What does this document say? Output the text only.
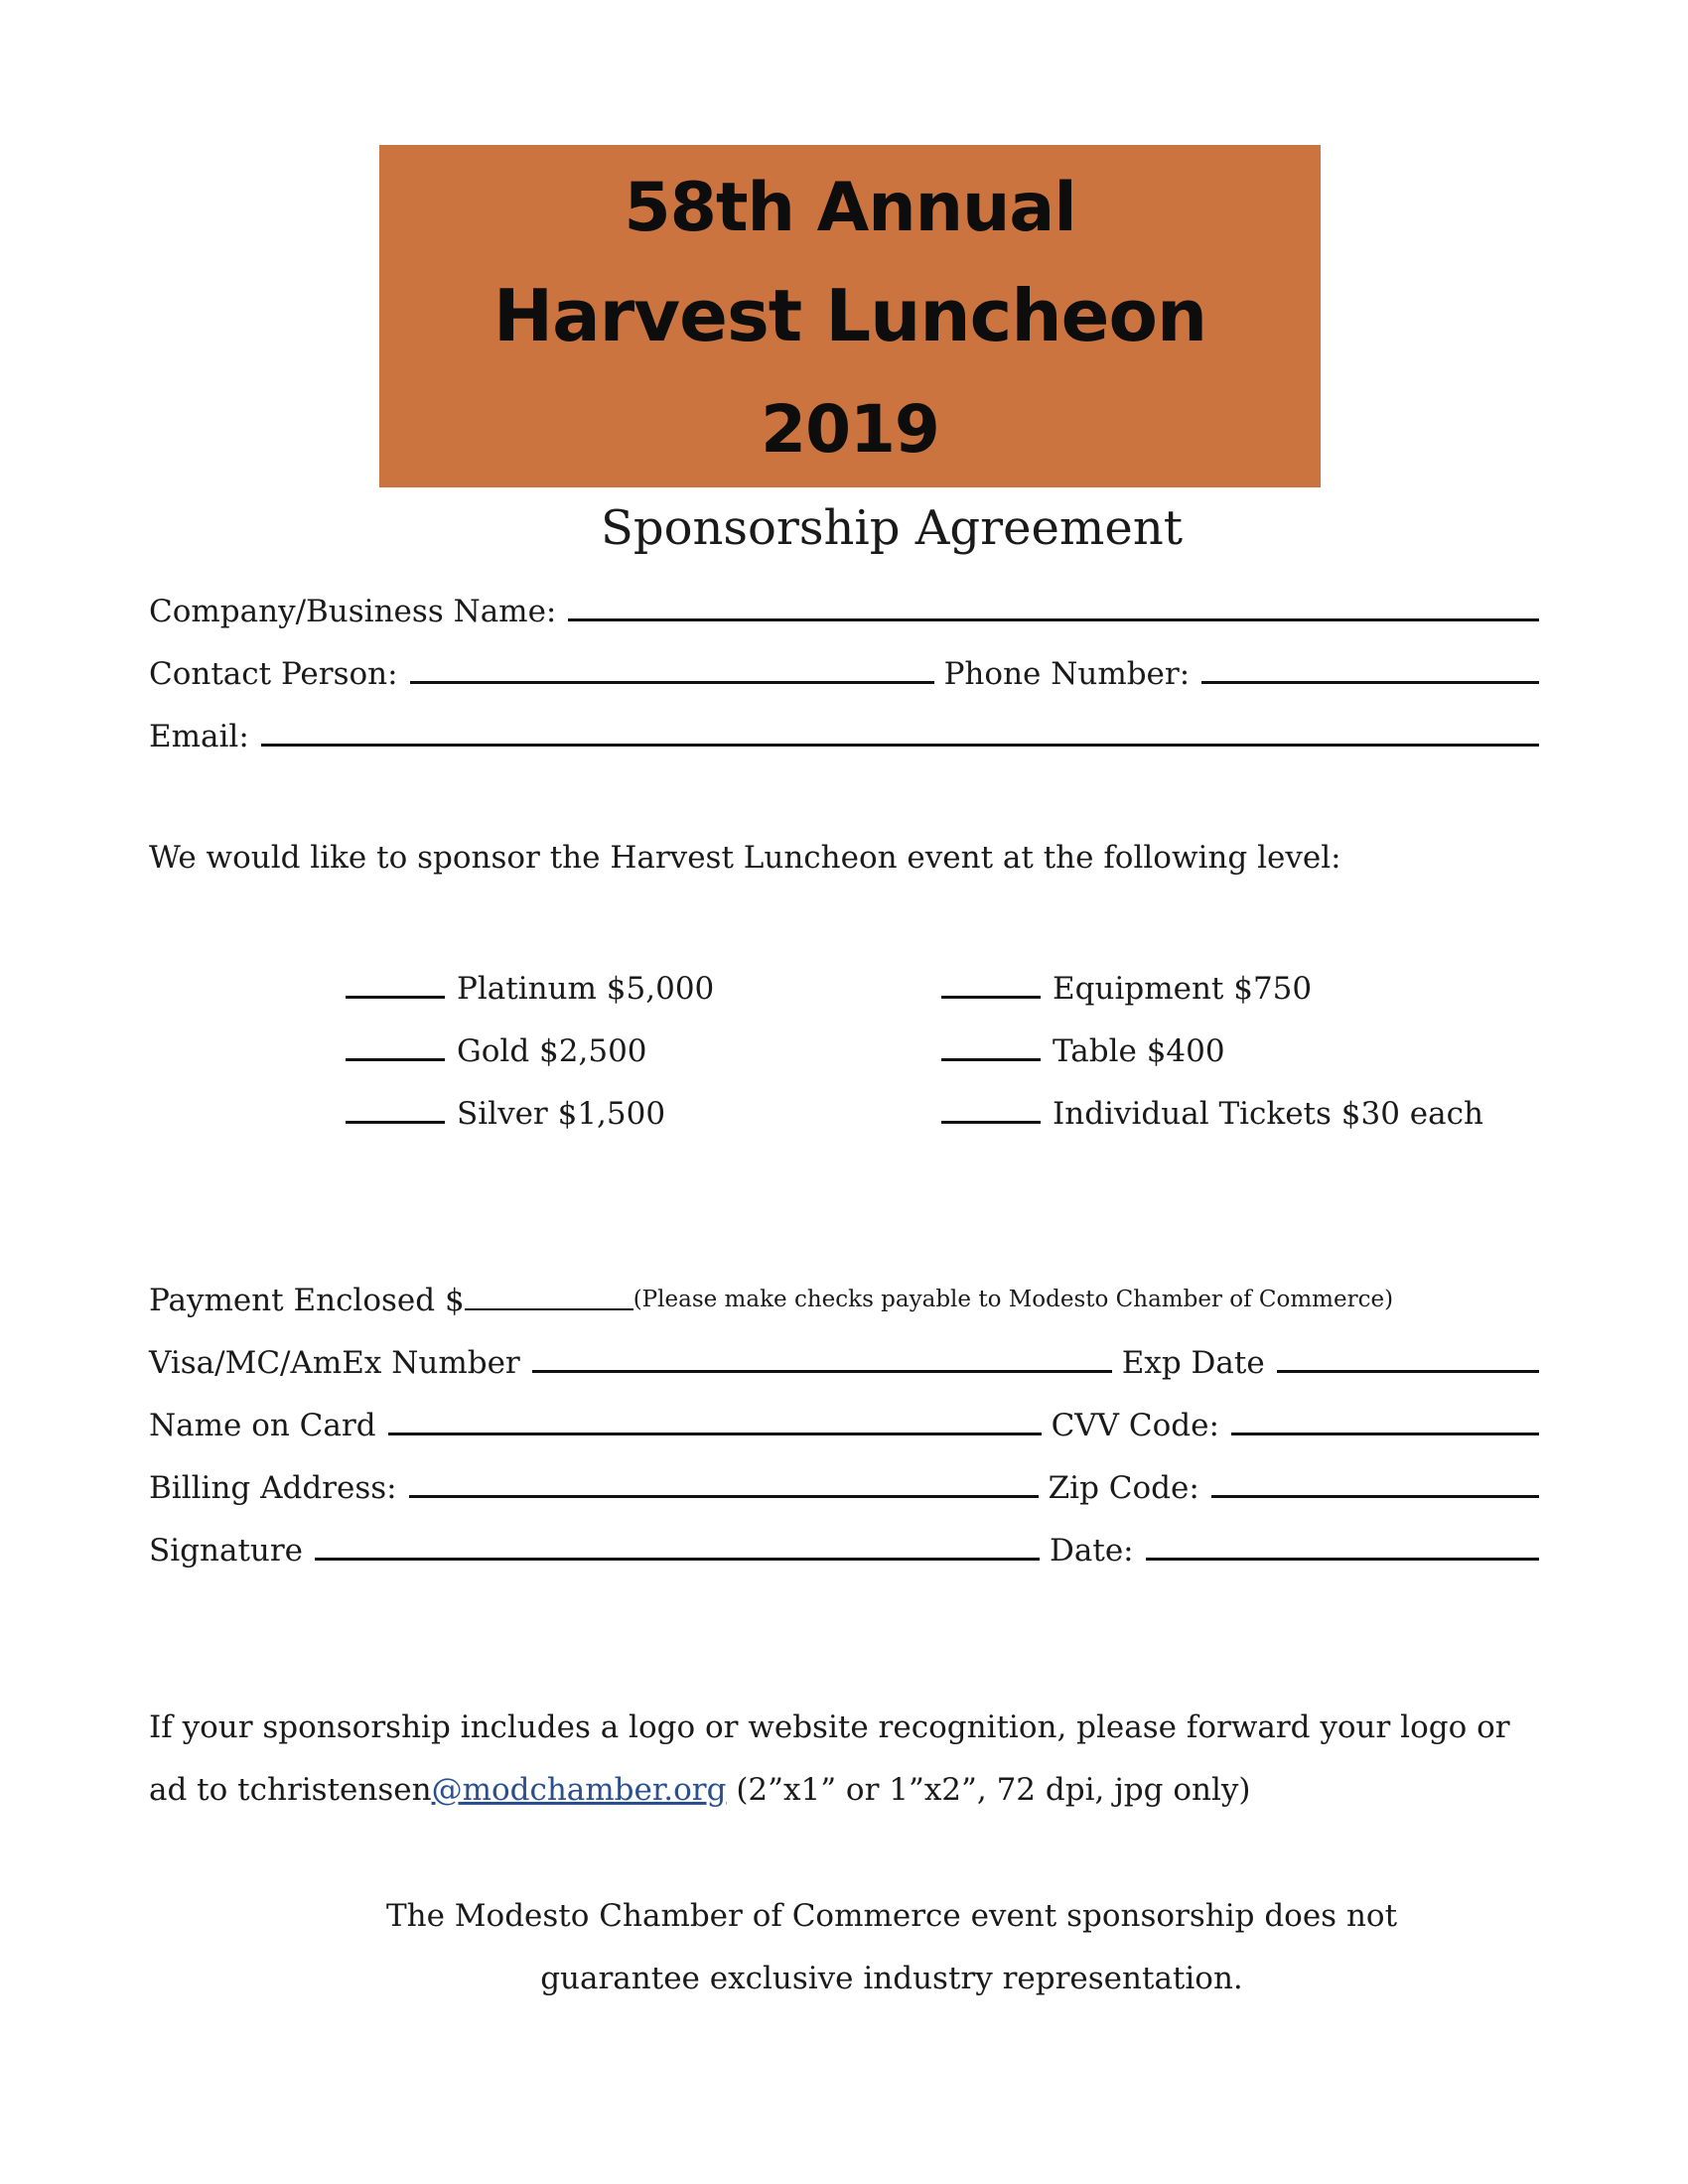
58th Annual
Harvest Luncheon
2019
Sponsorship Agreement
Company/Business Name:
Contact Person:	Phone Number:
Email:
We would like to sponsor the Harvest Luncheon event at the following level:
Platinum $5,000
Gold $2,500
Silver $1,500
Equipment $750
Table $400
Individual Tickets $30 each
Payment Enclosed $	(Please make checks payable to Modesto Chamber of Commerce)
Visa/MC/AmEx Number	Exp Date
Name on Card	CVV Code:
Billing Address:	Zip Code:
Signature	Date:
If your sponsorship includes a logo or website recognition, please forward your logo or
ad to tchristensen@modchamber.org (2”x1” or 1”x2”, 72 dpi, jpg only)
The Modesto Chamber of Commerce event sponsorship does not
guarantee exclusive industry representation.
